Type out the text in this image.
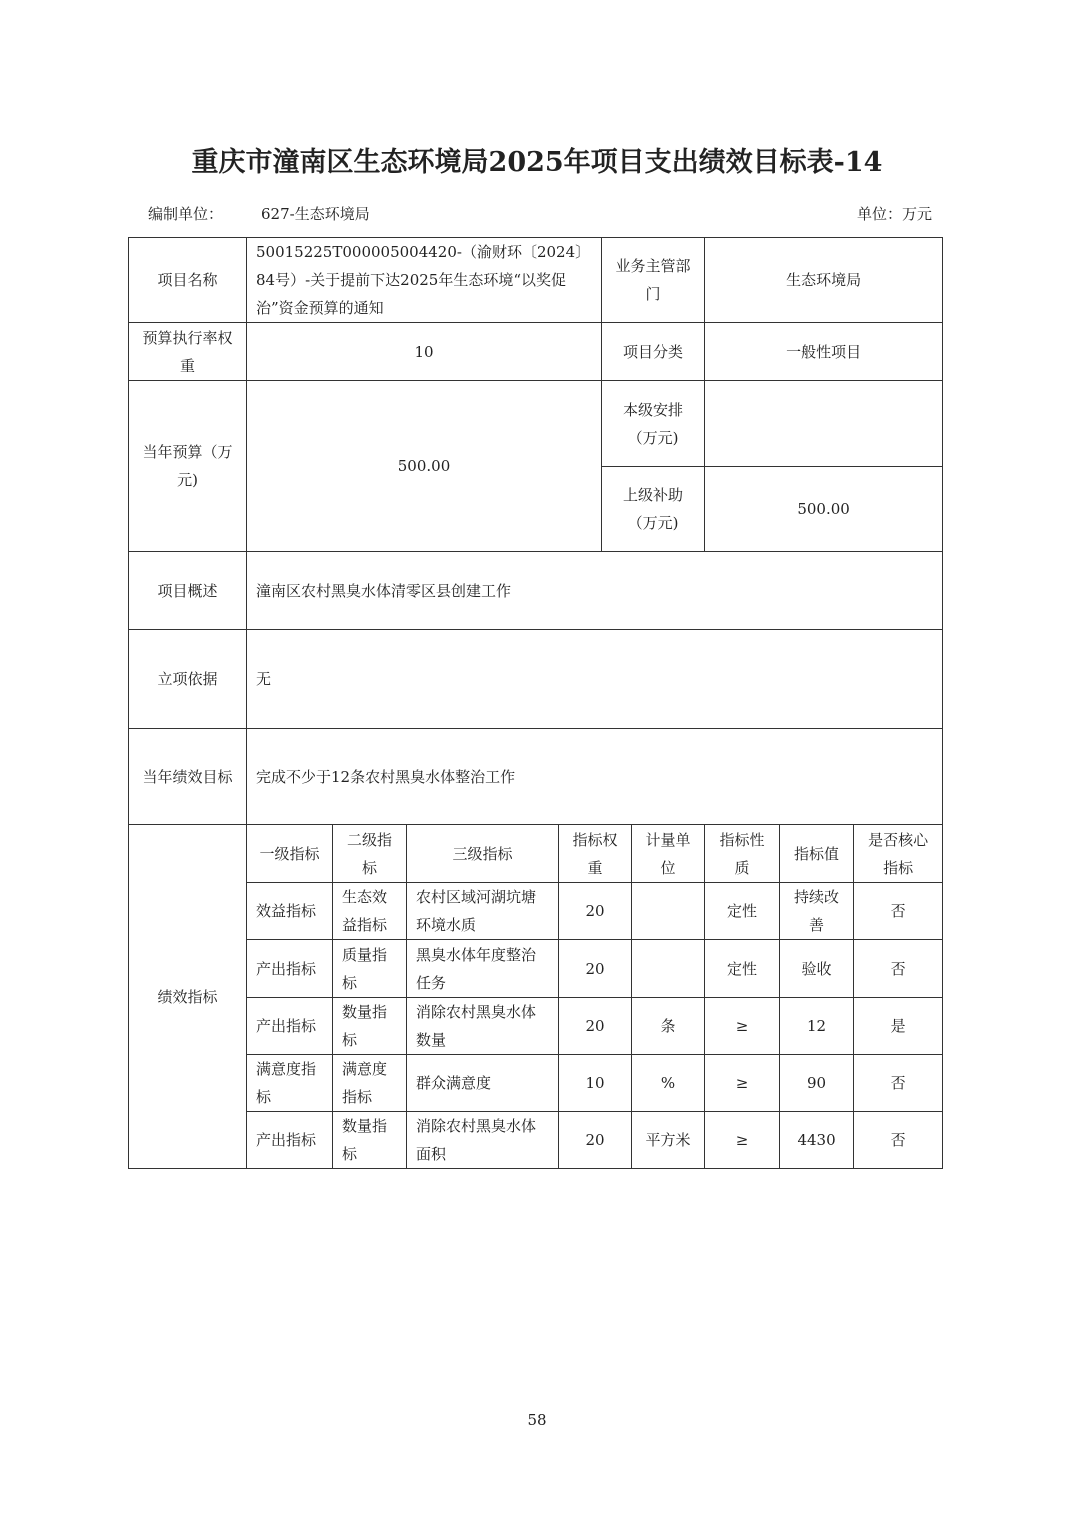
重庆市潼南区生态环境局2025年项目支出绩效目标表-14
编制单位：	627-生态环境局	单位：万元
项目名称	50015225T000005004420-（渝财环〔2024〕84号）-关于提前下达2025年生态环境“以奖促治”资金预算的通知				业务主管部门		生态环境局		
预算执行率权重	10				项目分类		一般性项目		
当年预算（万元)	500.00				本级安排（万元)				
					上级补助（万元)		500.00		
项目概述	潼南区农村黑臭水体清零区县创建工作								
立项依据	无								
当年绩效目标	完成不少于12条农村黑臭水体整治工作								
绩效指标	一级指标	二级指标	三级指标	指标权重		计量单位	指标性质	指标值	是否核心指标
	效益指标	生态效益指标	农村区域河湖坑塘环境水质	20			定性	持续改善	否
	产出指标	质量指标	黑臭水体年度整治任务	20			定性	验收	否
	产出指标	数量指标	消除农村黑臭水体数量	20		条	≥	12	是
	满意度指标	满意度指标	群众满意度	10		%	≥	90	否
	产出指标	数量指标	消除农村黑臭水体面积	20		平方米	≥	4430	否
58
